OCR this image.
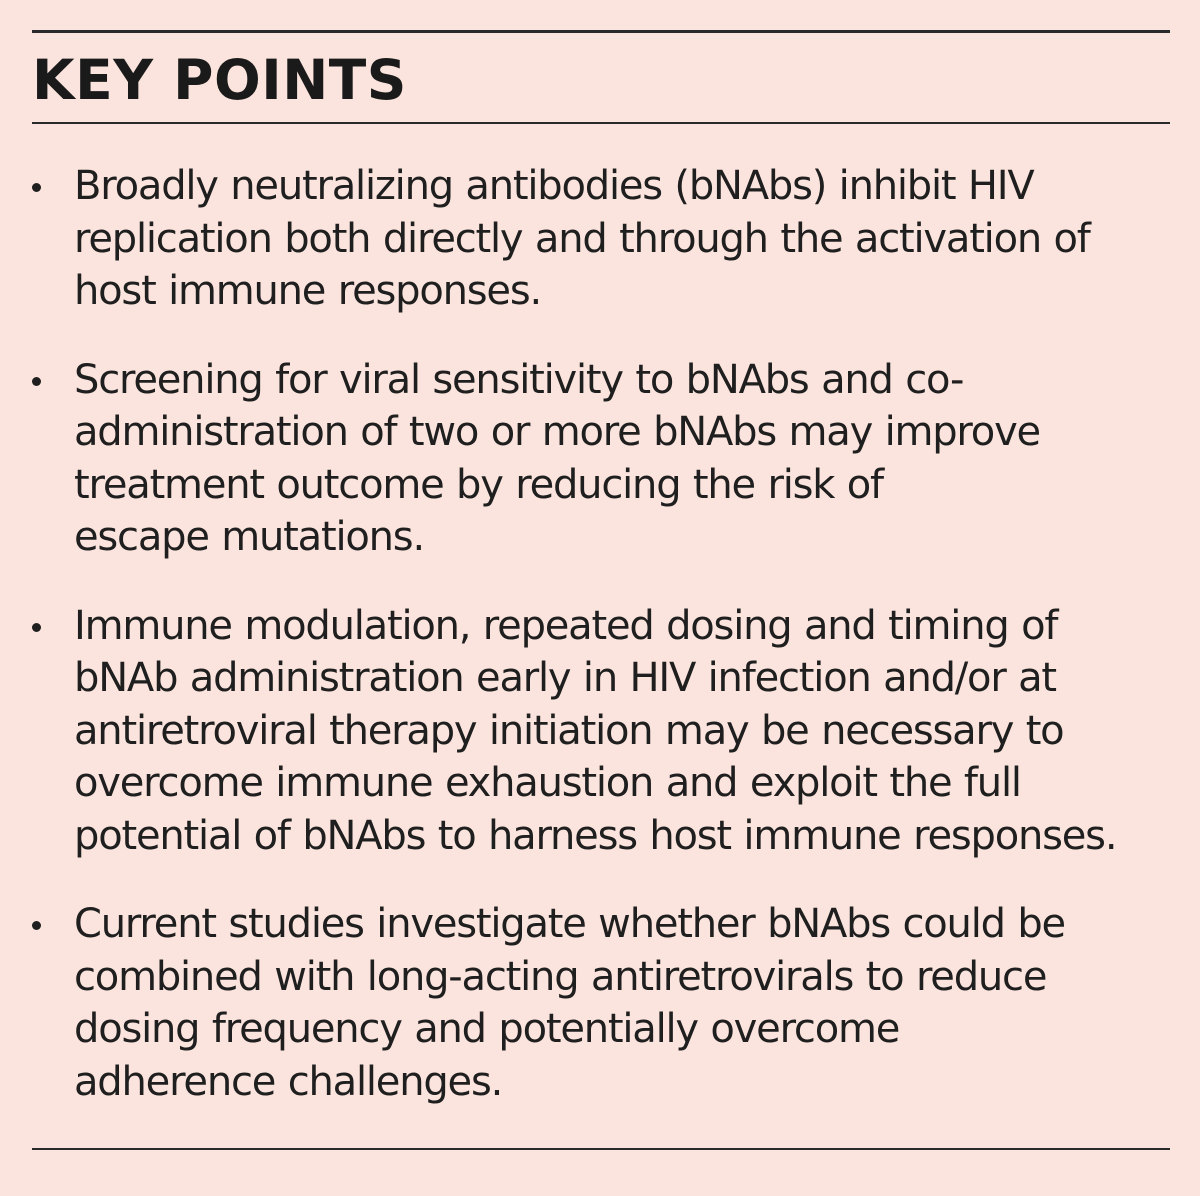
KEY POINTS
Broadly neutralizing antibodies (bNAbs) inhibit HIV
replication both directly and through the activation of
host immune responses.
Screening for viral sensitivity to bNAbs and co-
administration of two or more bNAbs may improve
treatment outcome by reducing the risk of
escape mutations.
Immune modulation, repeated dosing and timing of
bNAb administration early in HIV infection and/or at
antiretroviral therapy initiation may be necessary to
overcome immune exhaustion and exploit the full
potential of bNAbs to harness host immune responses.
Current studies investigate whether bNAbs could be
combined with long-acting antiretrovirals to reduce
dosing frequency and potentially overcome
adherence challenges.
